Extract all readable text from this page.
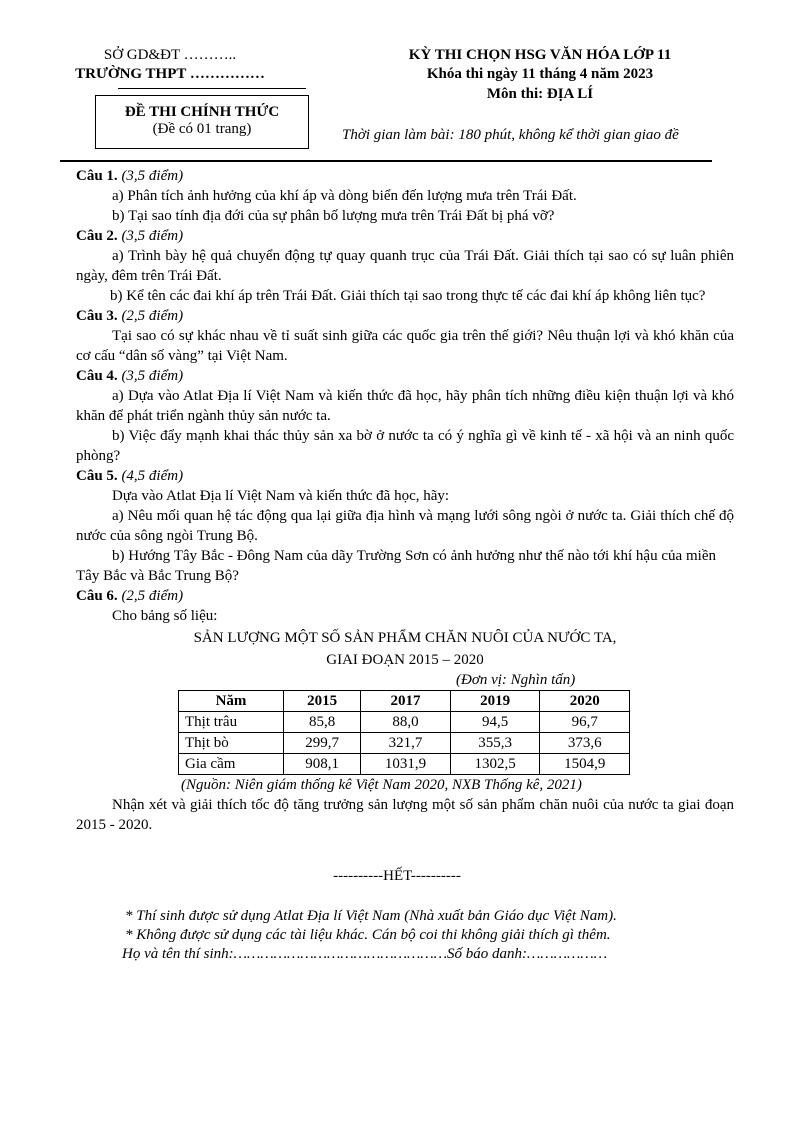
SỞ GD&ĐT ………..
TRƯỜNG THPT ……………
KỲ THI CHỌN HSG VĂN HÓA LỚP 11
Khóa thi ngày 11 tháng 4 năm 2023
Môn thi: ĐỊA LÍ
ĐỀ THI CHÍNH THỨC
(Đề có 01 trang)	Thời gian làm bài: 180 phút, không kể thời gian giao đề
Câu 1. (3,5 điểm)

a) Phân tích ảnh hưởng của khí áp và dòng biển đến lượng mưa trên Trái Đất.

b) Tại sao tính địa đới của sự phân bố lượng mưa trên Trái Đất bị phá vỡ?

Câu 2. (3,5 điểm)

a) Trình bày hệ quả chuyển động tự quay quanh trục của Trái Đất. Giải thích tại sao có sự luân phiên ngày, đêm trên Trái Đất.

b) Kể tên các đai khí áp trên Trái Đất. Giải thích tại sao trong thực tế các đai khí áp không liên tục?

Câu 3. (2,5 điểm)

Tại sao có sự khác nhau về tỉ suất sinh giữa các quốc gia trên thế giới? Nêu thuận lợi và khó khăn của cơ cấu “dân số vàng” tại Việt Nam.

Câu 4. (3,5 điểm)

a) Dựa vào Atlat Địa lí Việt Nam và kiến thức đã học, hãy phân tích những điều kiện thuận lợi và khó khăn để phát triển ngành thủy sản nước ta.

b) Việc đẩy mạnh khai thác thủy sản xa bờ ở nước ta có ý nghĩa gì về kinh tế - xã hội và an ninh quốc phòng?

Câu 5. (4,5 điểm)

Dựa vào Atlat Địa lí Việt Nam và kiến thức đã học, hãy:

a) Nêu mối quan hệ tác động qua lại giữa địa hình và mạng lưới sông ngòi ở nước ta. Giải thích chế độ nước của sông ngòi Trung Bộ.

b) Hướng Tây Bắc - Đông Nam của dãy Trường Sơn có ảnh hưởng như thế nào tới khí hậu của miền Tây Bắc và Bắc Trung Bộ?

Câu 6. (2,5 điểm)

Cho bảng số liệu:

SẢN LƯỢNG MỘT SỐ SẢN PHẨM CHĂN NUÔI CỦA NƯỚC TA,
GIAI ĐOẠN 2015 – 2020
(Đơn vị: Nghìn tấn)
Năm	2015	2017	2019	2020
Thịt trâu	85,8	88,0	94,5	96,7
Thịt bò	299,7	321,7	355,3	373,6
Gia cầm	908,1	1031,9	1302,5	1504,9
(Nguồn: Niên giám thống kê Việt Nam 2020, NXB Thống kê, 2021)

Nhận xét và giải thích tốc độ tăng trưởng sản lượng một số sản phẩm chăn nuôi của nước ta giai đoạn 2015 - 2020.

----------HẾT----------
* Thí sinh được sử dụng Atlat Địa lí Việt Nam (Nhà xuất bản Giáo dục Việt Nam).
* Không được sử dụng các tài liệu khác. Cán bộ coi thi không giải thích gì thêm.
Họ và tên thí sinh:…………………………………………Số báo danh:………………
